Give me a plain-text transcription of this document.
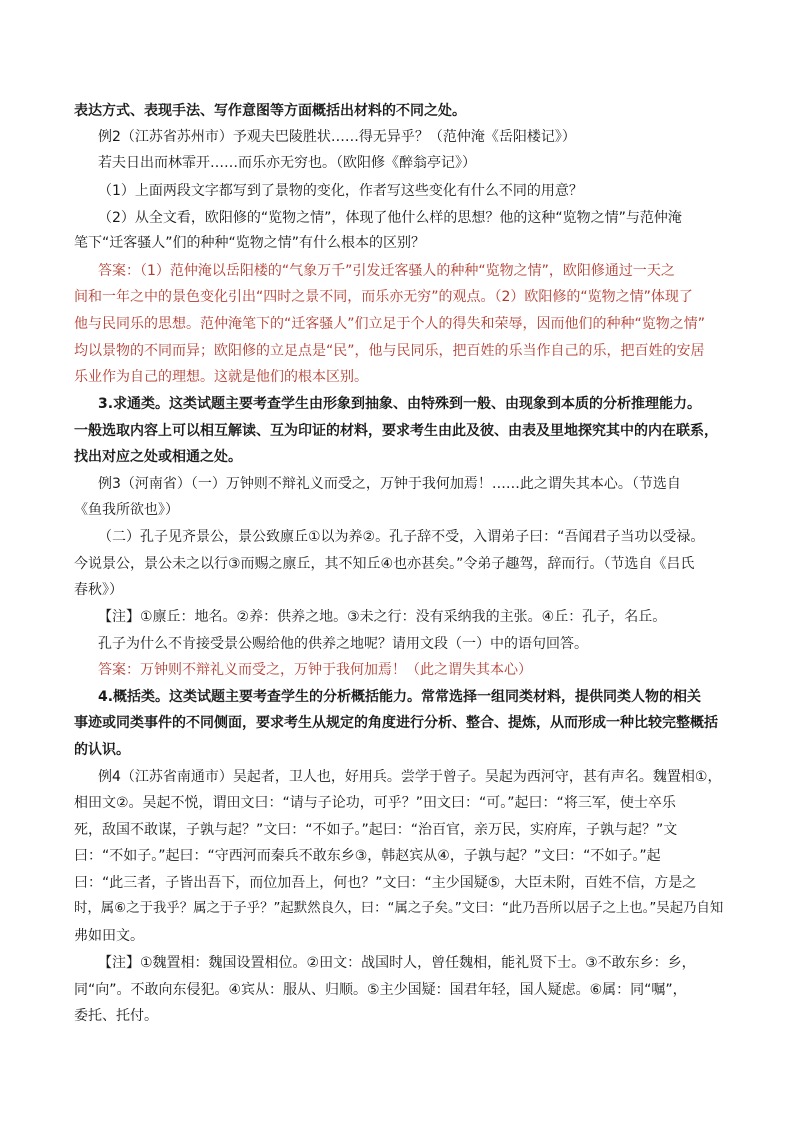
表达方式、表现手法、写作意图等方面概括出材料的不同之处。
例2（江苏省苏州市）予观夫巴陵胜状……得无异乎？（范仲淹《岳阳楼记》）
若夫日出而林霏开……而乐亦无穷也。（欧阳修《醉翁亭记》）
（1）上面两段文字都写到了景物的变化，作者写这些变化有什么不同的用意？
（2）从全文看，欧阳修的“览物之情”，体现了他什么样的思想？他的这种“览物之情”与范仲淹
笔下“迁客骚人”们的种种“览物之情”有什么根本的区别？
答案：（1）范仲淹以岳阳楼的“气象万千”引发迁客骚人的种种“览物之情”，欧阳修通过一天之
间和一年之中的景色变化引出“四时之景不同，而乐亦无穷”的观点。（2）欧阳修的“览物之情”体现了
他与民同乐的思想。范仲淹笔下的“迁客骚人”们立足于个人的得失和荣辱，因而他们的种种“览物之情”
均以景物的不同而异；欧阳修的立足点是“民”，他与民同乐，把百姓的乐当作自己的乐，把百姓的安居
乐业作为自己的理想。这就是他们的根本区别。
3.求通类。这类试题主要考查学生由形象到抽象、由特殊到一般、由现象到本质的分析推理能力。
一般选取内容上可以相互解读、互为印证的材料，要求考生由此及彼、由表及里地探究其中的内在联系，
找出对应之处或相通之处。
例3（河南省）（一）万钟则不辩礼义而受之，万钟于我何加焉！……此之谓失其本心。（节选自
《鱼我所欲也》）
（二）孔子见齐景公，景公致廪丘①以为养②。孔子辞不受，入谓弟子曰：“吾闻君子当功以受禄。
今说景公，景公未之以行③而赐之廪丘，其不知丘④也亦甚矣。”令弟子趣驾，辞而行。（节选自《吕氏
春秋》）
【注】①廪丘：地名。②养：供养之地。③未之行：没有采纳我的主张。④丘：孔子，名丘。
孔子为什么不肯接受景公赐给他的供养之地呢？请用文段（一）中的语句回答。
答案：万钟则不辩礼义而受之，万钟于我何加焉！（此之谓失其本心）
4.概括类。这类试题主要考查学生的分析概括能力。常常选择一组同类材料，提供同类人物的相关
事迹或同类事件的不同侧面，要求考生从规定的角度进行分析、整合、提炼，从而形成一种比较完整概括
的认识。
例4（江苏省南通市）吴起者，卫人也，好用兵。尝学于曾子。吴起为西河守，甚有声名。魏置相①，
相田文②。吴起不悦，谓田文曰：“请与子论功，可乎？”田文曰：“可。”起曰：“将三军，使士卒乐
死，敌国不敢谋，子孰与起？”文曰：“不如子。”起曰：“治百官，亲万民，实府库，子孰与起？”文
曰：“不如子。”起曰：“守西河而秦兵不敢东乡③，韩赵宾从④，子孰与起？”文曰：“不如子。”起
曰：“此三者，子皆出吾下，而位加吾上，何也？”文曰：“主少国疑⑤，大臣未附，百姓不信，方是之
时，属⑥之于我乎？属之于子乎？”起默然良久，曰：“属之子矣。”文曰：“此乃吾所以居子之上也。”吴起乃自知
弗如田文。
【注】①魏置相：魏国设置相位。②田文：战国时人，曾任魏相，能礼贤下士。③不敢东乡：乡，
同“向”。不敢向东侵犯。④宾从：服从、归顺。⑤主少国疑：国君年轻，国人疑虑。⑥属：同“嘱”，
委托、托付。
